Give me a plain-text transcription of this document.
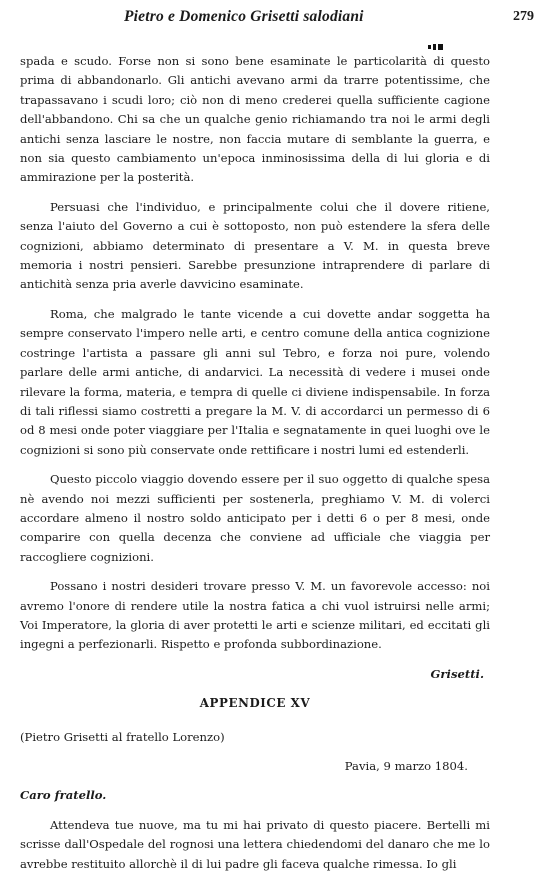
Pietro e Domenico Grisetti salodiani	279

spada e scudo. Forse non si sono bene esaminate le particolarità di questo prima di abbandonarlo. Gli antichi avevano armi da trarre potentissime, che trapassavano i scudi loro; ciò non di meno crederei quella sufficiente cagione dell'abbandono. Chi sa che un qualche genio richiamando tra noi le armi degli antichi senza lasciare le nostre, non faccia mutare di semblante la guerra, e non sia questo cambiamento un'epoca inminosissima della di lui gloria e di ammirazione per la posterità.

Persuasi che l'individuo, e principalmente colui che il dovere ritiene, senza l'aiuto del Governo a cui è sottoposto, non può estendere la sfera delle cognizioni, abbiamo determinato di presentare a V. M. in questa breve memoria i nostri pensieri. Sarebbe presunzione intraprendere di parlare di antichità senza pria averle davvicino esaminate.

Roma, che malgrado le tante vicende a cui dovette andar soggetta ha sempre conservato l'impero nelle arti, e centro comune della antica cognizione costringe l'artista a passare gli anni sul Tebro, e forza noi pure, volendo parlare delle armi antiche, di andarvici. La necessità di vedere i musei onde rilevare la forma, materia, e tempra di quelle ci diviene indispensabile. In forza di tali riflessi siamo costretti a pregare la M. V. di accordarci un permesso di 6 od 8 mesi onde poter viaggiare per l'Italia e segnatamente in quei luoghi ove le cognizioni si sono più conservate onde rettificare i nostri lumi ed estenderli.

Questo piccolo viaggio dovendo essere per il suo oggetto di qualche spesa nè avendo noi mezzi sufficienti per sostenerla, preghiamo V. M. di volerci accordare almeno il nostro soldo anticipato per i detti 6 o per 8 mesi, onde comparire con quella decenza che conviene ad ufficiale che viaggia per raccogliere cognizioni.

Possano i nostri desideri trovare presso V. M. un favorevole accesso: noi avremo l'onore di rendere utile la nostra fatica a chi vuol istruirsi nelle armi; Voi Imperatore, la gloria di aver protetti le arti e scienze militari, ed eccitati gli ingegni a perfezionarli. Rispetto e profonda subbordinazione.

Grisetti.

APPENDICE XV

(Pietro Grisetti al fratello Lorenzo)

Pavia, 9 marzo 1804.

Caro fratello.

Attendeva tue nuove, ma tu mi hai privato di questo piacere. Bertelli mi scrisse dall'Ospedale del rognosi una lettera chiedendomi del danaro che me lo avrebbe restituito allorchè il di lui padre gli faceva qualche rimessa. Io gli
